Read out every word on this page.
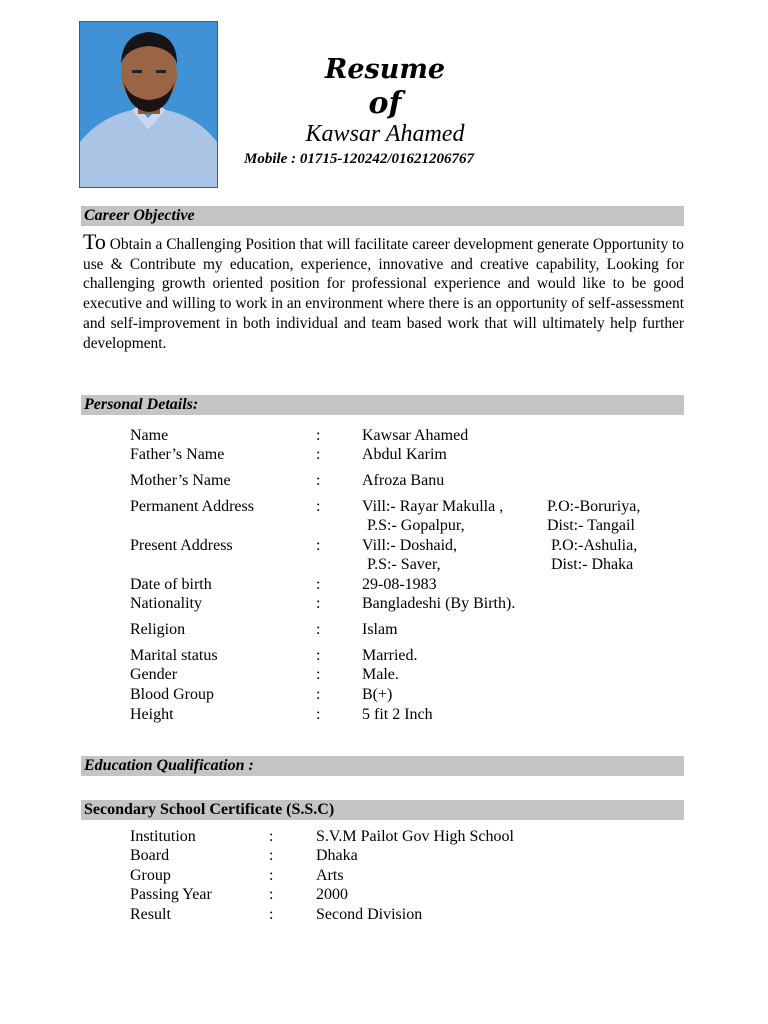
Resume
of
Kawsar Ahamed
Mobile : 01715-120242/01621206767
Career Objective
To Obtain a Challenging Position that will facilitate career development generate Opportunity to use & Contribute my education, experience, innovative and creative capability, Looking for challenging growth oriented position for professional experience and would like to be good executive and willing to work in an environment where there is an opportunity of self-assessment and self-improvement in both individual and team based work that will ultimately help further development.
Personal Details:
Name	:	Kawsar Ahamed
Father’s Name	:	Abdul Karim
Mother’s Name	:	Afroza Banu
Permanent Address	:	Vill:- Rayar Makulla ,	P.O:-Boruriya,
P.S:- Gopalpur,	Dist:- Tangail
Present Address	:	Vill:- Doshaid,	P.O:-Ashulia,
P.S:- Saver,	Dist:- Dhaka
Date of birth	:	29-08-1983
Nationality	:	Bangladeshi (By Birth).
Religion	:	Islam
Marital status	:	Married.
Gender	:	Male.
Blood Group	:	B(+)
Height	:	5 fit 2 Inch
Education Qualification :
Secondary School Certificate (S.S.C)
Institution	:	S.V.M Pailot Gov High School
Board	:	Dhaka
Group	:	Arts
Passing Year	:	2000
Result	:	Second Division
